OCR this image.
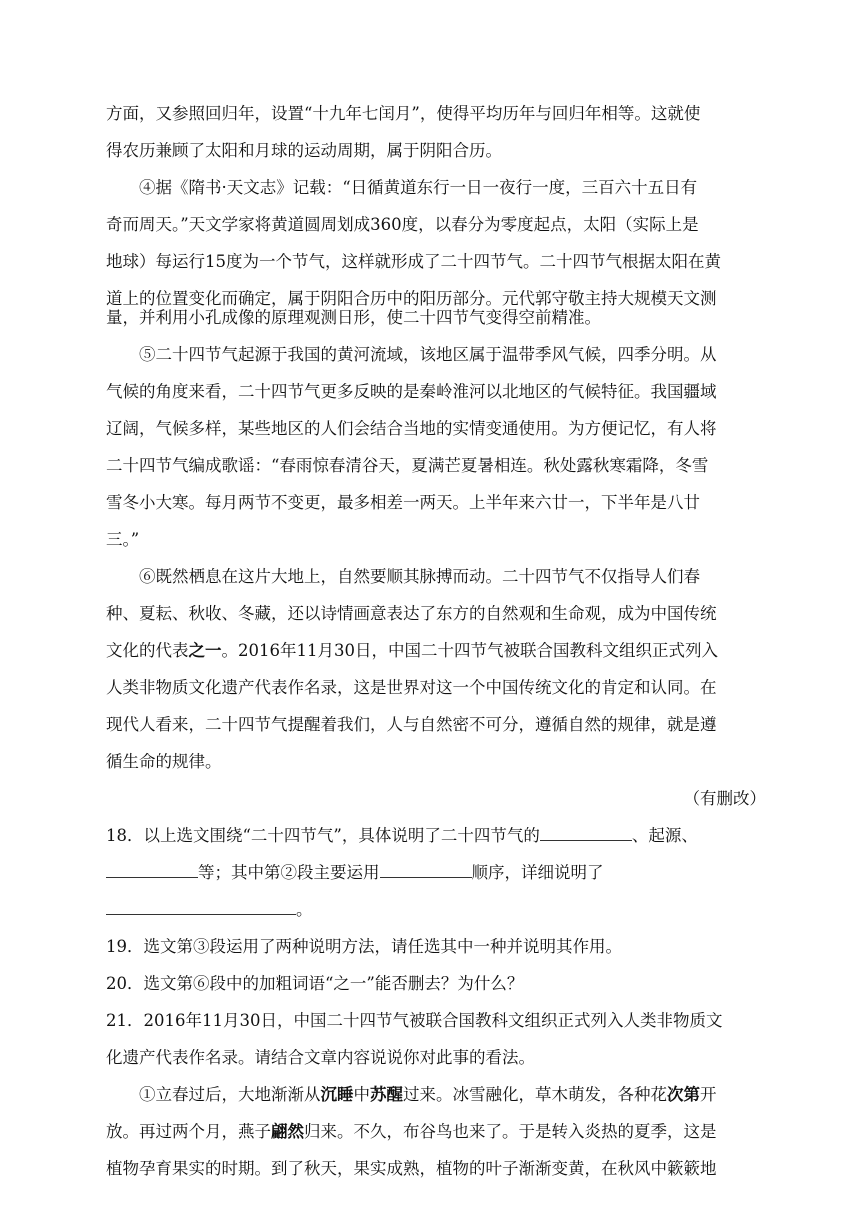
方面，又参照回归年，设置“十九年七闰月”，使得平均历年与回归年相等。这就使
得农历兼顾了太阳和月球的运动周期，属于阴阳合历。
④据《隋书·天文志》记载：“日循黄道东行一日一夜行一度，三百六十五日有
奇而周天。”天文学家将黄道圆周划成360度，以春分为零度起点，太阳（实际上是
地球）每运行15度为一个节气，这样就形成了二十四节气。二十四节气根据太阳在黄
道上的位置变化而确定，属于阴阳合历中的阳历部分。元代郭守敬主持大规模天文测
量，并利用小孔成像的原理观测日形，使二十四节气变得空前精准。
⑤二十四节气起源于我国的黄河流域，该地区属于温带季风气候，四季分明。从
气候的角度来看，二十四节气更多反映的是秦岭淮河以北地区的气候特征。我国疆域
辽阔，气候多样，某些地区的人们会结合当地的实情变通使用。为方便记忆，有人将
二十四节气编成歌谣：“春雨惊春清谷天，夏满芒夏暑相连。秋处露秋寒霜降，冬雪
雪冬小大寒。每月两节不变更，最多相差一两天。上半年来六廿一，下半年是八廿
三。”
⑥既然栖息在这片大地上，自然要顺其脉搏而动。二十四节气不仅指导人们春
种、夏耘、秋收、冬藏，还以诗情画意表达了东方的自然观和生命观，成为中国传统
文化的代表之一。2016年11月30日，中国二十四节气被联合国教科文组织正式列入
人类非物质文化遗产代表作名录，这是世界对这一个中国传统文化的肯定和认同。在
现代人看来，二十四节气提醒着我们，人与自然密不可分，遵循自然的规律，就是遵
循生命的规律。
（有删改）
18．以上选文围绕“二十四节气”，具体说明了二十四节气的	、起源、
等；其中第②段主要运用	顺序，详细说明了
。
19．选文第③段运用了两种说明方法，请任选其中一种并说明其作用。
20．选文第⑥段中的加粗词语“之一”能否删去？为什么？
21．2016年11月30日，中国二十四节气被联合国教科文组织正式列入人类非物质文
化遗产代表作名录。请结合文章内容说说你对此事的看法。
①立春过后，大地渐渐从沉睡中苏醒过来。冰雪融化，草木萌发，各种花次第开
放。再过两个月，燕子翩然归来。不久，布谷鸟也来了。于是转入炎热的夏季，这是
植物孕育果实的时期。到了秋天，果实成熟，植物的叶子渐渐变黄，在秋风中簌簌地
